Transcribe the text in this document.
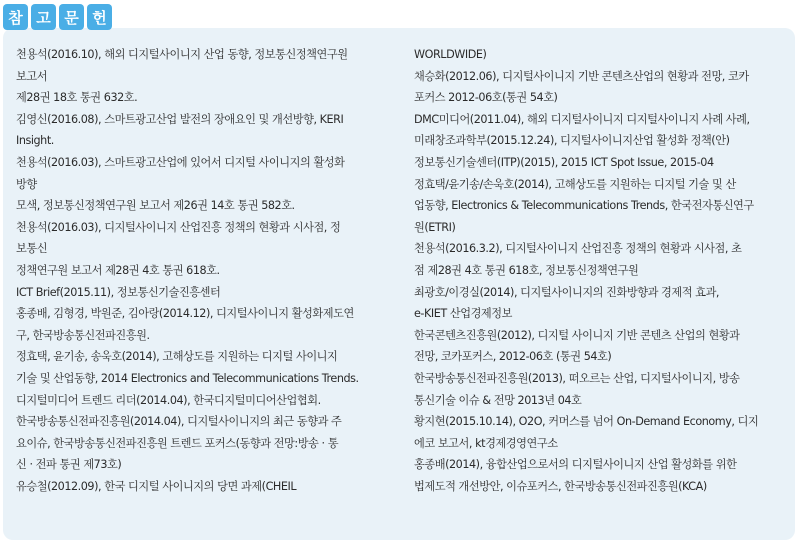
참 고 문 헌
천용석(2016.10), 해외 디지털사이니지 산업 동향, 정보통신정책연구원
보고서
제28권 18호 통권 632호.
김영신(2016.08), 스마트광고산업 발전의 장애요인 및 개선방향, KERI
Insight.
천용석(2016.03), 스마트광고산업에 있어서 디지털 사이니지의 활성화
방향
모색, 정보통신정책연구원 보고서 제26권 14호 통권 582호.
천용석(2016.03), 디지털사이니지 산업진흥 정책의 현황과 시사점, 정
보통신
정책연구원 보고서 제28권 4호 통권 618호.
ICT Brief(2015.11), 정보통신기술진흥센터
홍종배, 김형경, 박원준, 김아랑(2014.12), 디지털사이니지 활성화제도연
구, 한국방송통신전파진흥원.
정효택, 윤기송, 송욱호(2014), 고해상도를 지원하는 디지털 사이니지
기술 및 산업동향, 2014 Electronics and Telecommunications Trends.
디지털미디어 트렌드 리더(2014.04), 한국디지털미디어산업협회.
한국방송통신전파진흥원(2014.04), 디지털사이니지의 최근 동향과 주
요이슈, 한국방송통신전파진흥원 트렌드 포커스(동향과 전망:방송 · 통
신 · 전파 통권 제73호)
유승철(2012.09), 한국 디지털 사이니지의 당면 과제(CHEIL
WORLDWIDE)
채승화(2012.06), 디지털사이니지 기반 콘텐츠산업의 현황과 전망, 코카
포커스 2012-06호(통권 54호)
DMC미디어(2011.04), 해외 디지털사이니지 디지털사이니지 사례 사례,
미래창조과학부(2015.12.24), 디지털사이니지산업 활성화 정책(안)
정보통신기술센터(ITP)(2015), 2015 ICT Spot Issue, 2015-04
정효택/윤기송/손욱호(2014), 고해상도를 지원하는 디지털 기술 및 산
업동향, Electronics & Telecommunications Trends, 한국전자통신연구
원(ETRI)
천용석(2016.3.2), 디지털사이니지 산업진흥 정책의 현황과 시사점, 초
점 제28권 4호 통권 618호, 정보통신정책연구원
최광호/이경실(2014), 디지털사이니지의 진화방향과 경제적 효과,
e-KIET 산업경제정보
한국콘텐츠진흥원(2012), 디지털 사이니지 기반 콘텐츠 산업의 현황과
전망, 코카포커스, 2012-06호 (통권 54호)
한국방송통신전파진흥원(2013), 떠오르는 산업, 디지털사이니지, 방송
통신기술 이슈 & 전망 2013년 04호
황지현(2015.10.14), O2O, 커머스를 넘어 On-Demand Economy, 디지
에코 보고서, kt경제경영연구소
홍종배(2014), 융합산업으로서의 디지털사이니지 산업 활성화를 위한
법제도적 개선방안, 이슈포커스, 한국방송통신전파진흥원(KCA)
